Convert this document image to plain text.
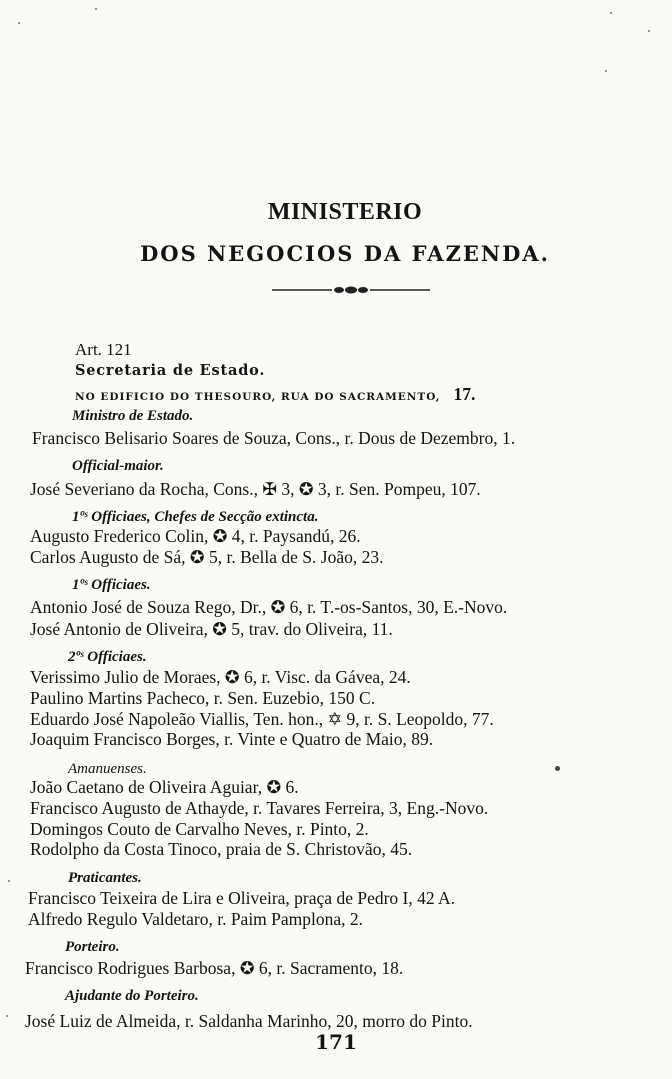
MINISTERIO
DOS NEGOCIOS DA FAZENDA.
Art. 121
Secretaria de Estado.
NO EDIFICIO DO THESOURO, RUA DO SACRAMENTO, 17.
Ministro de Estado.
Francisco Belisario Soares de Souza, Cons., r. Dous de Dezembro, 1.
Official-maior.
José Severiano da Rocha, Cons., ✠ 3, ✪ 3, r. Sen. Pompeu, 107.
1ºˢ Officiaes, Chefes de Secção extincta.
Augusto Frederico Colin, ✪ 4, r. Paysandú, 26.
Carlos Augusto de Sá, ✪ 5, r. Bella de S. João, 23.
1ºˢ Officiaes.
Antonio José de Souza Rego, Dr., ✪ 6, r. T.-os-Santos, 30, E.-Novo.
José Antonio de Oliveira, ✪ 5, trav. do Oliveira, 11.
2ºˢ Officiaes.
Verissimo Julio de Moraes, ✪ 6, r. Visc. da Gávea, 24.
Paulino Martins Pacheco, r. Sen. Euzebio, 150 C.
Eduardo José Napoleão Viallis, Ten. hon., ✡ 9, r. S. Leopoldo, 77.
Joaquim Francisco Borges, r. Vinte e Quatro de Maio, 89.
Amanuenses.
João Caetano de Oliveira Aguiar, ✪ 6.
Francisco Augusto de Athayde, r. Tavares Ferreira, 3, Eng.-Novo.
Domingos Couto de Carvalho Neves, r. Pinto, 2.
Rodolpho da Costa Tinoco, praia de S. Christovão, 45.
Praticantes.
Francisco Teixeira de Lira e Oliveira, praça de Pedro I, 42 A.
Alfredo Regulo Valdetaro, r. Paim Pamplona, 2.
Porteiro.
Francisco Rodrigues Barbosa, ✪ 6, r. Sacramento, 18.
Ajudante do Porteiro.
José Luiz de Almeida, r. Saldanha Marinho, 20, morro do Pinto.
171
